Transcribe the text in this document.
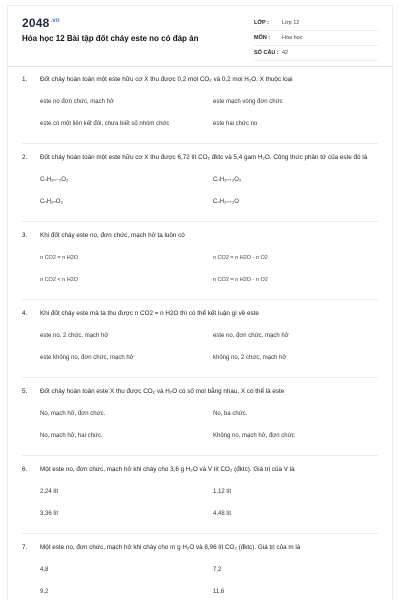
$2048^{.vn}$
Hóa học 12 Bài tập đốt cháy este no có đáp án
LỚP :	Lớp 12
MÔN :	Hóa học
SỐ CÂU : 42
1.	Đốt cháy hoàn toàn một este hữu cơ X thu được 0,2 mol CO₂ và 0,2 mol H₂O. X thuộc loại
este no đơn chức, mạch hở	este mạch vòng đơn chức
este có một liên kết đôi, chưa biết số nhóm chức	este hai chức no
2.	Đốt cháy hoàn toàn một este hữu cơ X thu được 6,72 lít CO₂ đktc và 5,4 gam H₂O. Công thức phân tử của este đó là
CₙH₂ₙ₋₂O₂	CₙH₂ₙ₊₂O₂
CₙH₂ₙO₂	CₙH₂ₙ₊₂O
3.	Khi đốt cháy este no, đơn chức, mạch hở ta luôn có
n CO2 = n H2O	n CO2 = n H2O - n O2
n CO2 < n H2O	n CO2 = n H2O - n O2
4.	Khi đốt cháy este mà ta thu được n CO2 = n H2O thì có thể kết luận gì về este
este no, 2 chức, mạch hở	este no, đơn chức, mạch hở
este không no, đơn chức, mạch hở	không no, 2 chức, mạch hở
5.	Đốt cháy hoàn toàn este X thu được CO₂ và H₂O có số mol bằng nhau, X có thể là este
No, mạch hở, đơn chức.	No, ba chức.
No, mạch hở, hai chức.	Không no, mạch hở, đơn chức
6.	Một este no, đơn chức, mạch hở khi cháy cho 3,6 g H₂O và V lít CO₂ (đktc). Giá trị của V là
2,24 lít	1,12 lít
3,36 lít	4,48 lít
7.	Một este no, đơn chức, mạch hở khi cháy cho m g H₂O và 8,96 lít CO₂ (đktc). Giá trị của m là
4,8	7,2
9,2	11,6
